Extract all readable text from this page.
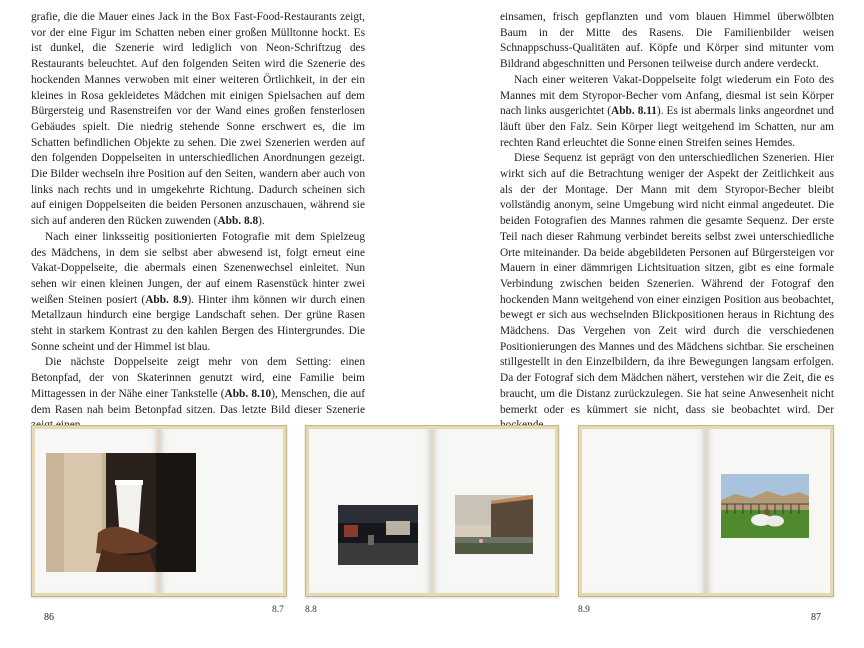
grafie, die die Mauer eines Jack in the Box Fast-Food-Restaurants zeigt, vor der eine Figur im Schatten neben einer großen Mülltonne hockt. Es ist dunkel, die Szenerie wird lediglich von Neon-Schriftzug des Restaurants beleuchtet. Auf den folgenden Seiten wird die Szenerie des hockenden Mannes verwoben mit einer weiteren Örtlichkeit, in der ein kleines in Rosa gekleidetes Mädchen mit einigen Spielsachen auf dem Bürgersteig und Rasenstreifen vor der Wand eines großen fensterlosen Gebäudes spielt. Die niedrig stehende Sonne erschwert es, die im Schatten befindlichen Objekte zu sehen. Die zwei Szenerien werden auf den folgenden Doppelseiten in unterschiedlichen Anordnungen gezeigt. Die Bilder wechseln ihre Position auf den Seiten, wandern aber auch von links nach rechts und in umgekehrte Richtung. Dadurch scheinen sich auf einigen Doppelseiten die beiden Personen anzuschauen, während sie sich auf anderen den Rücken zuwenden (Abb. 8.8).

Nach einer linksseitig positionierten Fotografie mit dem Spielzeug des Mädchens, in dem sie selbst aber abwesend ist, folgt erneut eine Vakat-Doppelseite, die abermals einen Szenenwechsel einleitet. Nun sehen wir einen kleinen Jungen, der auf einem Rasenstück hinter zwei weißen Steinen posiert (Abb. 8.9). Hinter ihm können wir durch einen Metallzaun hindurch eine bergige Landschaft sehen. Der grüne Rasen steht in starkem Kontrast zu den kahlen Bergen des Hintergrundes. Die Sonne scheint und der Himmel ist blau.

Die nächste Doppelseite zeigt mehr von dem Setting: einen Betonpfad, der von Skaterinnen genutzt wird, eine Familie beim Mittagessen in der Nähe einer Tankstelle (Abb. 8.10), Menschen, die auf dem Rasen nah beim Betonpfad sitzen. Das letzte Bild dieser Szenerie

einsamen, frisch gepflanzten und vom blauen Himmel überwölbten Baum in der Mitte des Rasens. Die Familienbilder weisen Schnappschuss-Qualitäten auf. Köpfe und Körper sind mitunter vom Bildrand abgeschnitten und Personen teilweise durch andere verdeckt.

Nach einer weiteren Vakat-Doppelseite folgt wiederum ein Foto des Mannes mit dem Styropor-Becher vom Anfang, diesmal ist sein Körper nach links ausgerichtet (Abb. 8.11). Es ist abermals links angeordnet und läuft über den Falz. Sein Körper liegt weitgehend im Schatten, nur am rechten Rand erleuchtet die Sonne einen Streifen seines Hemdes.

Diese Sequenz ist geprägt von den unterschiedlichen Szenerien. Hier wirkt sich auf die Betrachtung weniger der Aspekt der Zeitlichkeit aus als der der Montage. Der Mann mit dem Styropor-Becher bleibt vollständig anonym, seine Umgebung wird nicht einmal angedeutet. Die beiden Fotografien des Mannes rahmen die gesamte Sequenz. Der erste Teil nach dieser Rahmung verbindet bereits selbst zwei unterschiedliche Orte miteinander. Da beide abgebildeten Personen auf Bürgersteigen vor Mauern in einer dämmrigen Lichtsituation sitzen, gibt es eine formale Verbindung zwischen beiden Szenerien. Während der Fotograf den hockenden Mann weitgehend von einer einzigen Position aus beobachtet, bewegt er sich aus wechselnden Blickpositionen heraus in Richtung des Mädchens. Das Vergehen von Zeit wird durch die verschiedenen Positionierungen des Mannes und des Mädchens sichtbar. Sie erscheinen stillgestellt in den Einzelbildern, da ihre Bewegungen langsam erfolgen. Da der Fotograf sich dem Mädchen nähert, verstehen wir die Zeit, die es braucht, um die Distanz zurückzulegen. Sie hat seine Anwesenheit nicht bemerkt oder es kümmert sie nicht, dass sie beobachtet wird. Der

8.7 8.8	8.9
86	87
